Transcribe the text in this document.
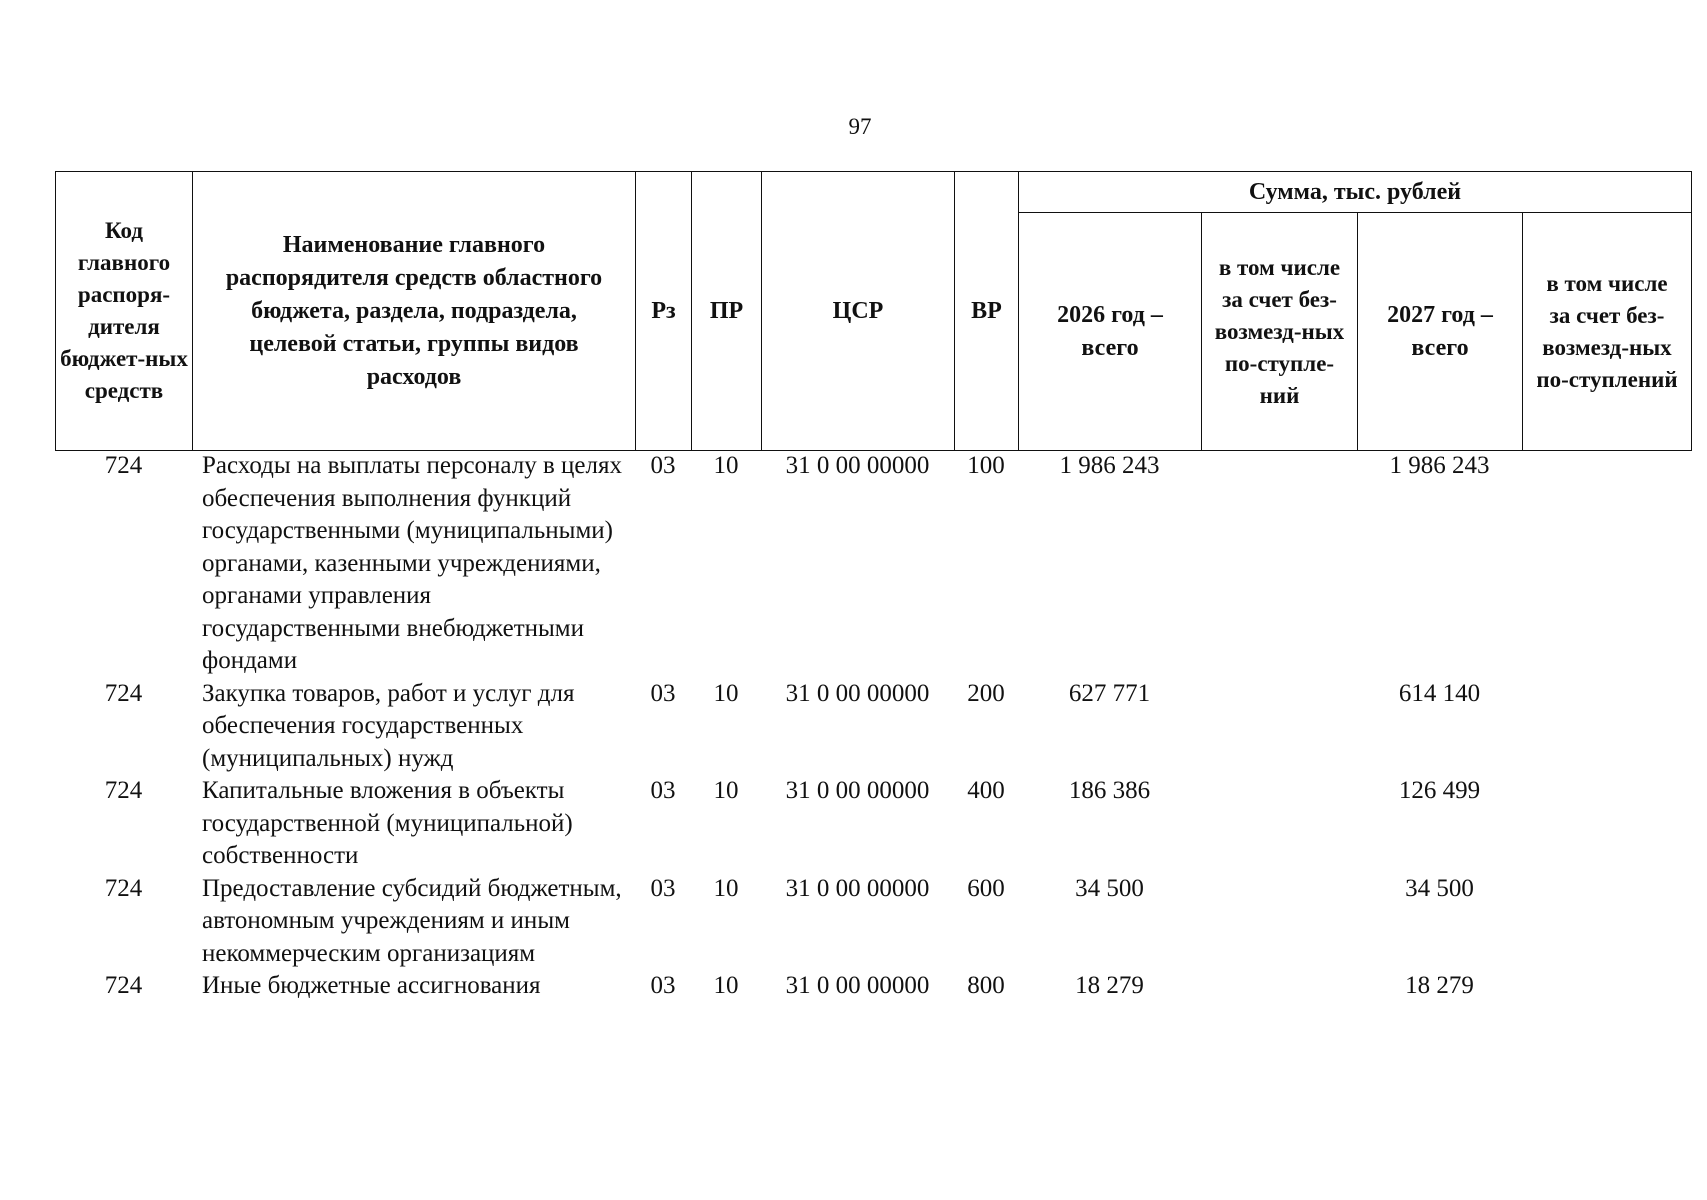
97
Код главного распоря-дителя бюджет-ных средств	Наименование главного распорядителя средств областного бюджета, раздела, подраздела, целевой статьи, группы видов расходов	Рз	ПР	ЦСР	ВР	Сумма, тыс. рублей			
						2026 год – всего	в том числе за счет без-возмезд-ных по-ступле-ний	2027 год – всего	в том числе за счет без-возмезд-ных по-ступлений
724	Расходы на выплаты персоналу в целях обеспечения выполнения функций государственными (муниципальными) органами, казенными учреждениями, органами управления государственными внебюджетными фондами	03	10	31 0 00 00000	100	1 986 243		1 986 243	
724	Закупка товаров, работ и услуг для обеспечения государственных (муниципальных) нужд	03	10	31 0 00 00000	200	627 771		614 140	
724	Капитальные вложения в объекты государственной (муниципальной) собственности	03	10	31 0 00 00000	400	186 386		126 499	
724	Предоставление субсидий бюджетным, автономным учреждениям и иным некоммерческим организациям	03	10	31 0 00 00000	600	34 500		34 500	
724	Иные бюджетные ассигнования	03	10	31 0 00 00000	800	18 279		18 279	
